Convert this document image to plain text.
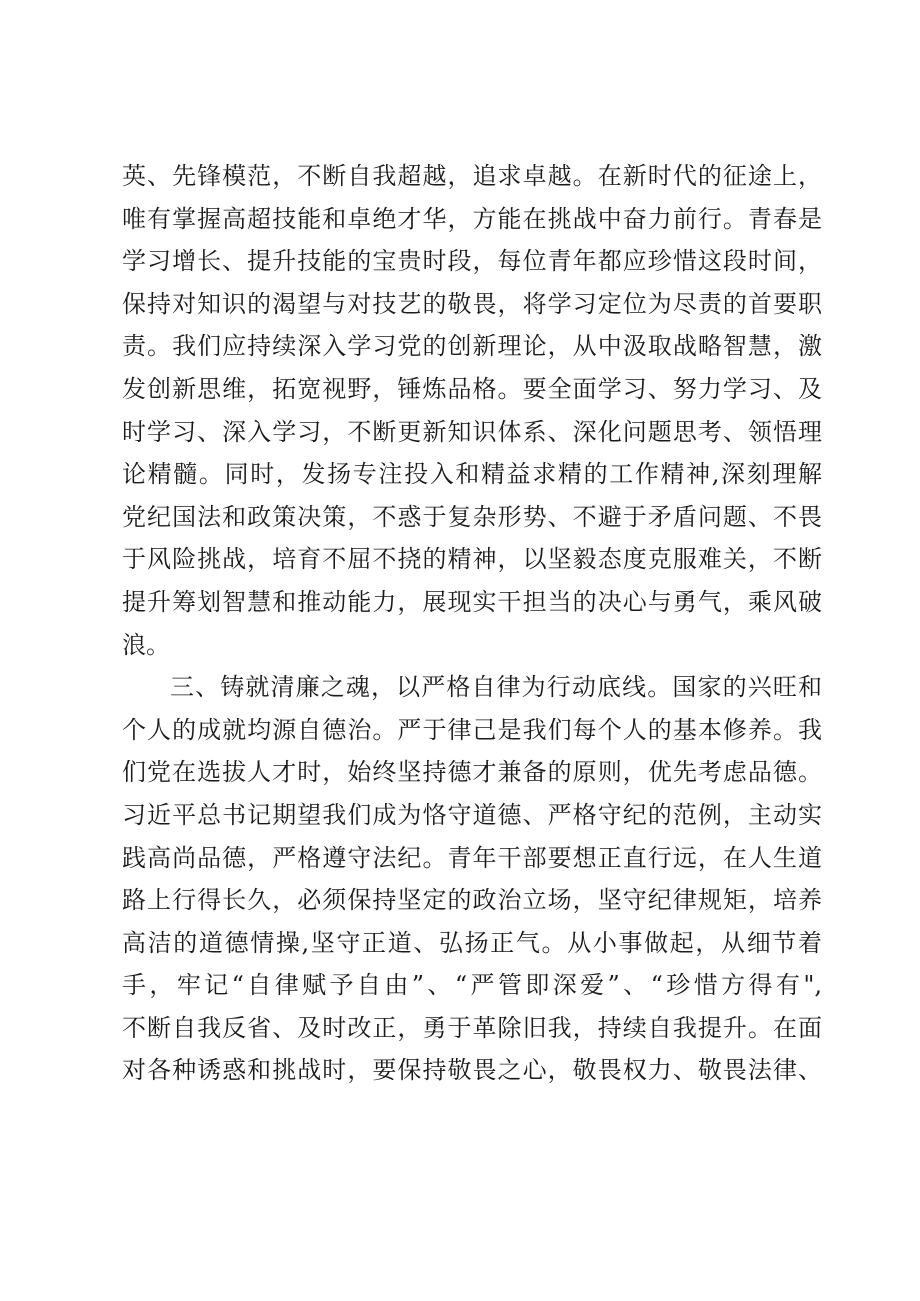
英、先锋模范，不断自我超越，追求卓越。在新时代的征途上，
唯有掌握高超技能和卓绝才华，方能在挑战中奋力前行。青春是
学习增长、提升技能的宝贵时段，每位青年都应珍惜这段时间，
保持对知识的渴望与对技艺的敬畏，将学习定位为尽责的首要职
责。我们应持续深入学习党的创新理论，从中汲取战略智慧，激
发创新思维，拓宽视野，锤炼品格。要全面学习、努力学习、及
时学习、深入学习，不断更新知识体系、深化问题思考、领悟理
论精髓。同时，发扬专注投入和精益求精的工作精神,深刻理解
党纪国法和政策决策，不惑于复杂形势、不避于矛盾问题、不畏
于风险挑战，培育不屈不挠的精神，以坚毅态度克服难关，不断
提升筹划智慧和推动能力，展现实干担当的决心与勇气，乘风破
浪。
三、铸就清廉之魂，以严格自律为行动底线。国家的兴旺和
个人的成就均源自德治。严于律己是我们每个人的基本修养。我
们党在选拔人才时，始终坚持德才兼备的原则，优先考虑品德。
习近平总书记期望我们成为恪守道德、严格守纪的范例，主动实
践高尚品德，严格遵守法纪。青年干部要想正直行远，在人生道
路上行得长久，必须保持坚定的政治立场，坚守纪律规矩，培养
高洁的道德情操,坚守正道、弘扬正气。从小事做起，从细节着
手，牢记“自律赋予自由”、“严管即深爱”、“珍惜方得有",
不断自我反省、及时改正，勇于革除旧我，持续自我提升。在面
对各种诱惑和挑战时，要保持敬畏之心，敬畏权力、敬畏法律、
